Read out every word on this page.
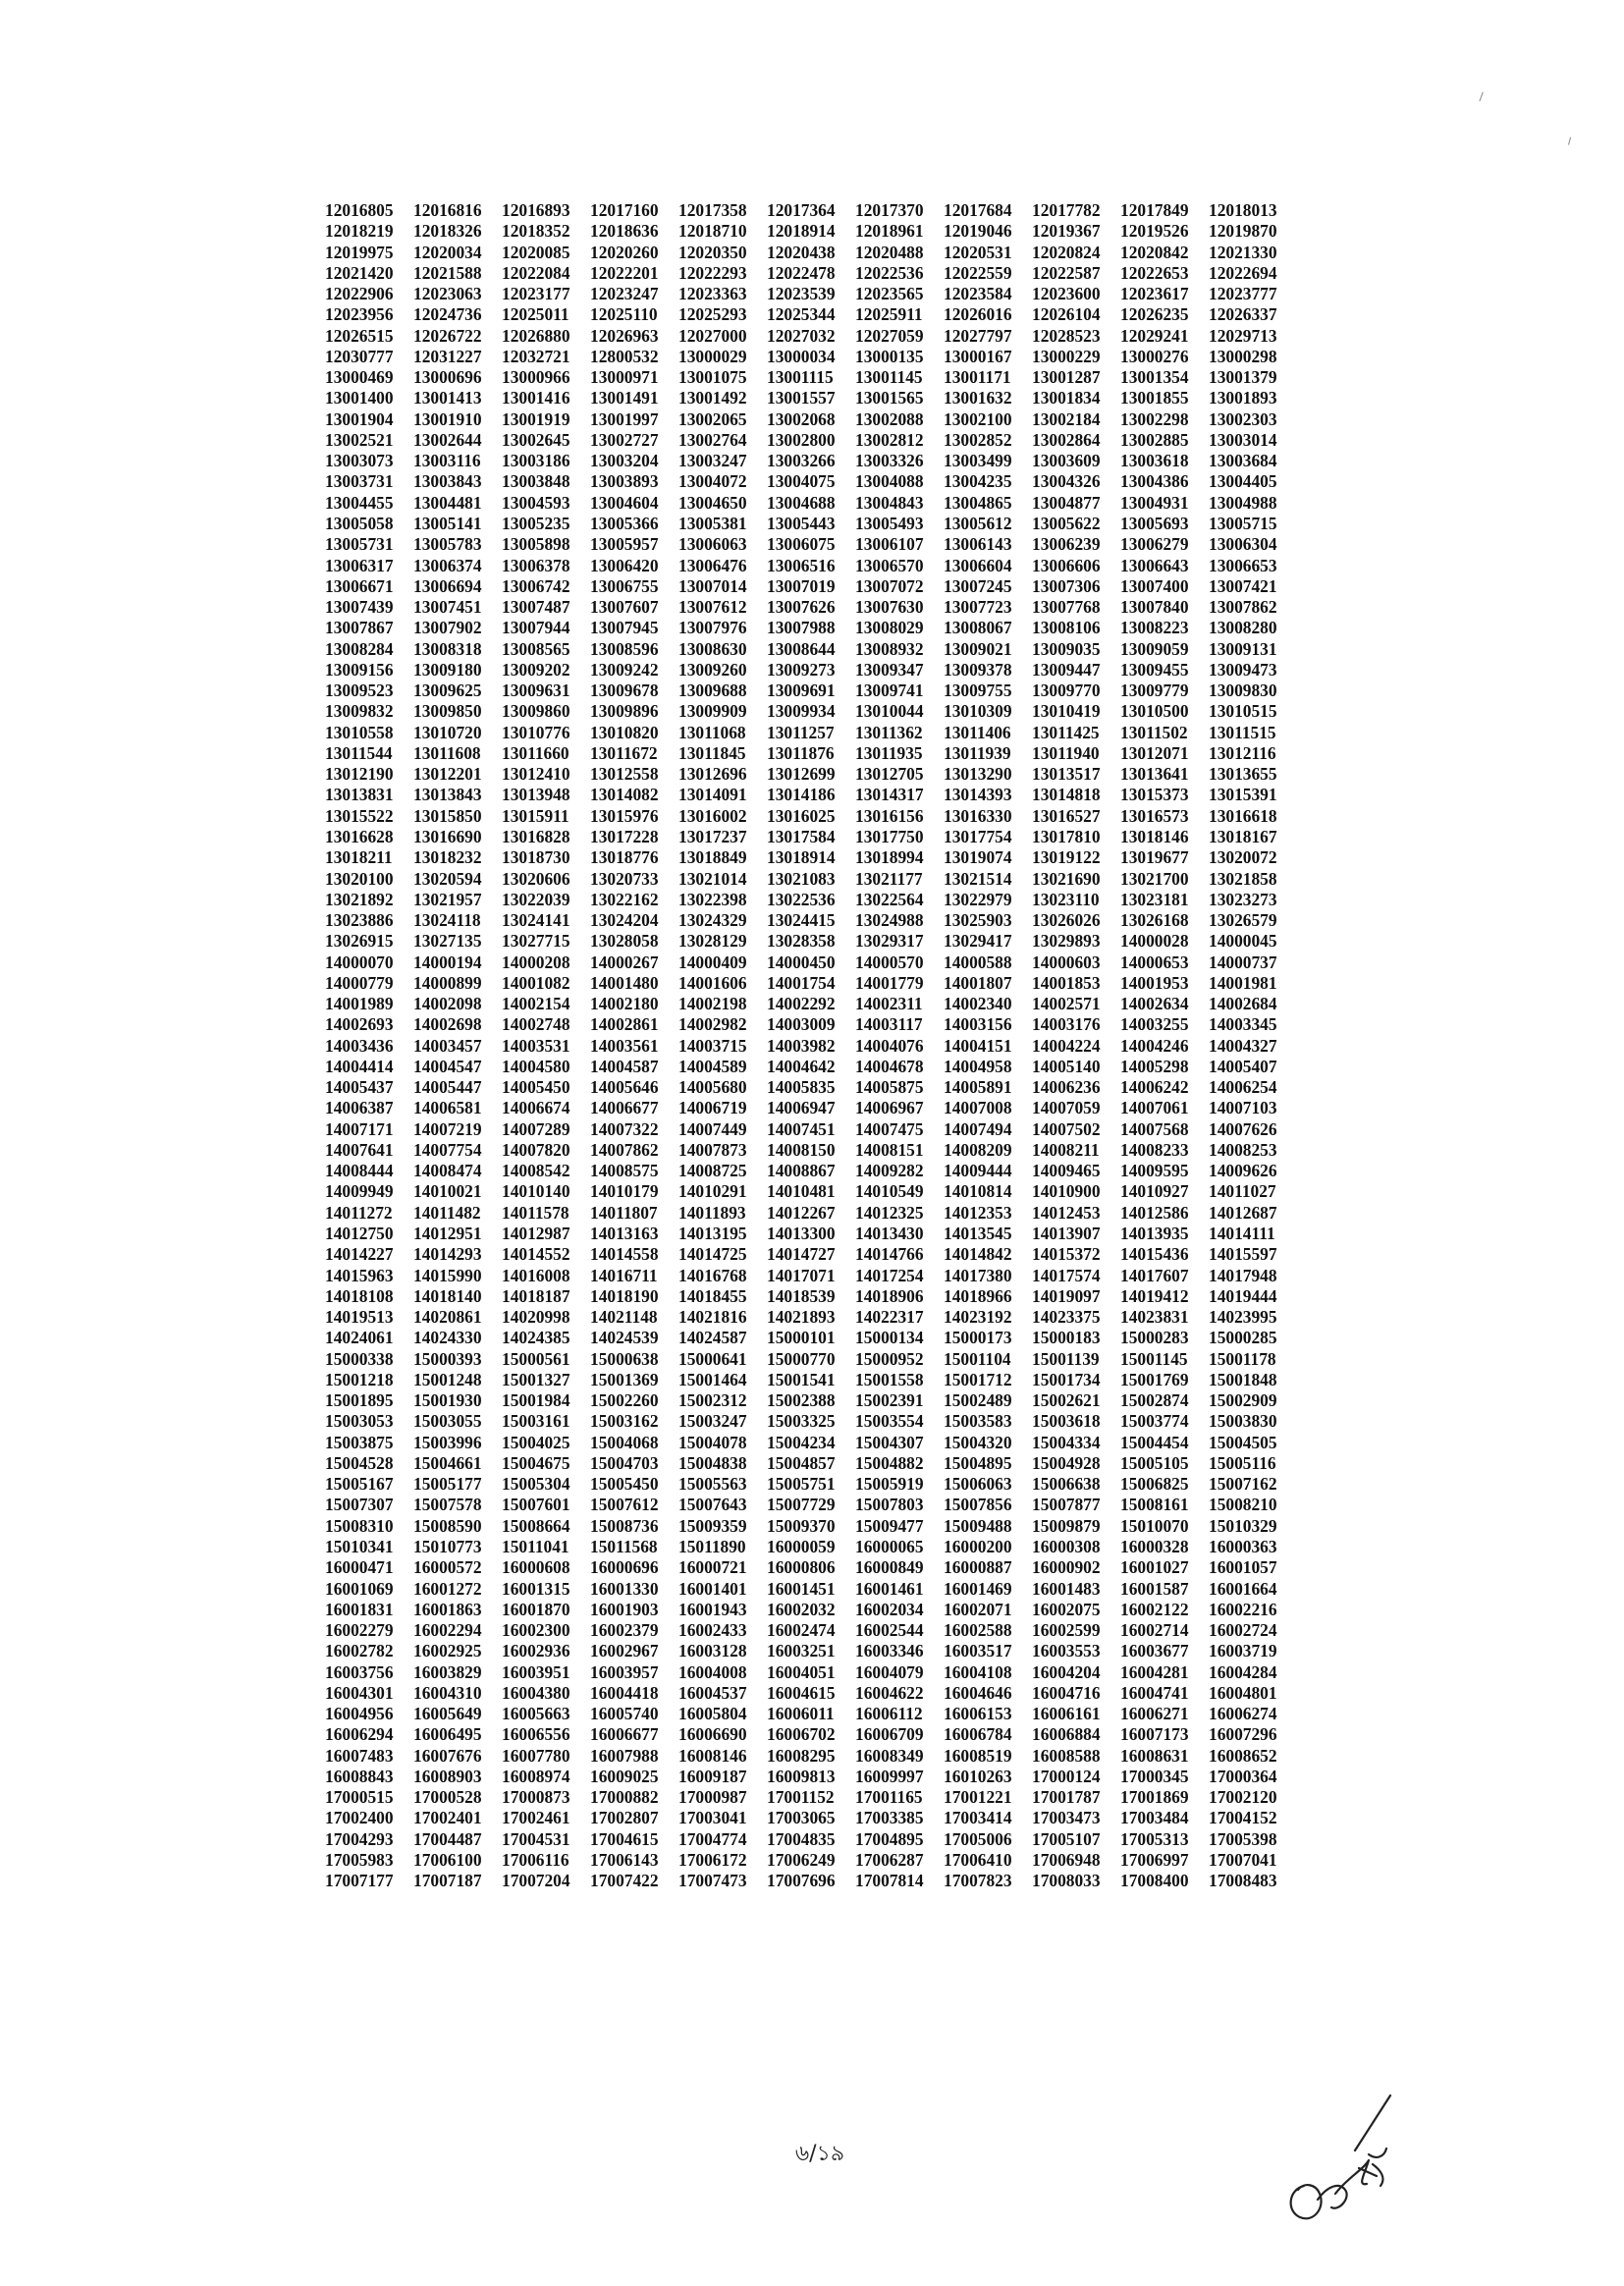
12016805	12016816	12016893	12017160	12017358	12017364	12017370	12017684	12017782	12017849	12018013
12018219	12018326	12018352	12018636	12018710	12018914	12018961	12019046	12019367	12019526	12019870
12019975	12020034	12020085	12020260	12020350	12020438	12020488	12020531	12020824	12020842	12021330
12021420	12021588	12022084	12022201	12022293	12022478	12022536	12022559	12022587	12022653	12022694
12022906	12023063	12023177	12023247	12023363	12023539	12023565	12023584	12023600	12023617	12023777
12023956	12024736	12025011	12025110	12025293	12025344	12025911	12026016	12026104	12026235	12026337
12026515	12026722	12026880	12026963	12027000	12027032	12027059	12027797	12028523	12029241	12029713
12030777	12031227	12032721	12800532	13000029	13000034	13000135	13000167	13000229	13000276	13000298
13000469	13000696	13000966	13000971	13001075	13001115	13001145	13001171	13001287	13001354	13001379
13001400	13001413	13001416	13001491	13001492	13001557	13001565	13001632	13001834	13001855	13001893
13001904	13001910	13001919	13001997	13002065	13002068	13002088	13002100	13002184	13002298	13002303
13002521	13002644	13002645	13002727	13002764	13002800	13002812	13002852	13002864	13002885	13003014
13003073	13003116	13003186	13003204	13003247	13003266	13003326	13003499	13003609	13003618	13003684
13003731	13003843	13003848	13003893	13004072	13004075	13004088	13004235	13004326	13004386	13004405
13004455	13004481	13004593	13004604	13004650	13004688	13004843	13004865	13004877	13004931	13004988
13005058	13005141	13005235	13005366	13005381	13005443	13005493	13005612	13005622	13005693	13005715
13005731	13005783	13005898	13005957	13006063	13006075	13006107	13006143	13006239	13006279	13006304
13006317	13006374	13006378	13006420	13006476	13006516	13006570	13006604	13006606	13006643	13006653
13006671	13006694	13006742	13006755	13007014	13007019	13007072	13007245	13007306	13007400	13007421
13007439	13007451	13007487	13007607	13007612	13007626	13007630	13007723	13007768	13007840	13007862
13007867	13007902	13007944	13007945	13007976	13007988	13008029	13008067	13008106	13008223	13008280
13008284	13008318	13008565	13008596	13008630	13008644	13008932	13009021	13009035	13009059	13009131
13009156	13009180	13009202	13009242	13009260	13009273	13009347	13009378	13009447	13009455	13009473
13009523	13009625	13009631	13009678	13009688	13009691	13009741	13009755	13009770	13009779	13009830
13009832	13009850	13009860	13009896	13009909	13009934	13010044	13010309	13010419	13010500	13010515
13010558	13010720	13010776	13010820	13011068	13011257	13011362	13011406	13011425	13011502	13011515
13011544	13011608	13011660	13011672	13011845	13011876	13011935	13011939	13011940	13012071	13012116
13012190	13012201	13012410	13012558	13012696	13012699	13012705	13013290	13013517	13013641	13013655
13013831	13013843	13013948	13014082	13014091	13014186	13014317	13014393	13014818	13015373	13015391
13015522	13015850	13015911	13015976	13016002	13016025	13016156	13016330	13016527	13016573	13016618
13016628	13016690	13016828	13017228	13017237	13017584	13017750	13017754	13017810	13018146	13018167
13018211	13018232	13018730	13018776	13018849	13018914	13018994	13019074	13019122	13019677	13020072
13020100	13020594	13020606	13020733	13021014	13021083	13021177	13021514	13021690	13021700	13021858
13021892	13021957	13022039	13022162	13022398	13022536	13022564	13022979	13023110	13023181	13023273
13023886	13024118	13024141	13024204	13024329	13024415	13024988	13025903	13026026	13026168	13026579
13026915	13027135	13027715	13028058	13028129	13028358	13029317	13029417	13029893	14000028	14000045
14000070	14000194	14000208	14000267	14000409	14000450	14000570	14000588	14000603	14000653	14000737
14000779	14000899	14001082	14001480	14001606	14001754	14001779	14001807	14001853	14001953	14001981
14001989	14002098	14002154	14002180	14002198	14002292	14002311	14002340	14002571	14002634	14002684
14002693	14002698	14002748	14002861	14002982	14003009	14003117	14003156	14003176	14003255	14003345
14003436	14003457	14003531	14003561	14003715	14003982	14004076	14004151	14004224	14004246	14004327
14004414	14004547	14004580	14004587	14004589	14004642	14004678	14004958	14005140	14005298	14005407
14005437	14005447	14005450	14005646	14005680	14005835	14005875	14005891	14006236	14006242	14006254
14006387	14006581	14006674	14006677	14006719	14006947	14006967	14007008	14007059	14007061	14007103
14007171	14007219	14007289	14007322	14007449	14007451	14007475	14007494	14007502	14007568	14007626
14007641	14007754	14007820	14007862	14007873	14008150	14008151	14008209	14008211	14008233	14008253
14008444	14008474	14008542	14008575	14008725	14008867	14009282	14009444	14009465	14009595	14009626
14009949	14010021	14010140	14010179	14010291	14010481	14010549	14010814	14010900	14010927	14011027
14011272	14011482	14011578	14011807	14011893	14012267	14012325	14012353	14012453	14012586	14012687
14012750	14012951	14012987	14013163	14013195	14013300	14013430	14013545	14013907	14013935	14014111
14014227	14014293	14014552	14014558	14014725	14014727	14014766	14014842	14015372	14015436	14015597
14015963	14015990	14016008	14016711	14016768	14017071	14017254	14017380	14017574	14017607	14017948
14018108	14018140	14018187	14018190	14018455	14018539	14018906	14018966	14019097	14019412	14019444
14019513	14020861	14020998	14021148	14021816	14021893	14022317	14023192	14023375	14023831	14023995
14024061	14024330	14024385	14024539	14024587	15000101	15000134	15000173	15000183	15000283	15000285
15000338	15000393	15000561	15000638	15000641	15000770	15000952	15001104	15001139	15001145	15001178
15001218	15001248	15001327	15001369	15001464	15001541	15001558	15001712	15001734	15001769	15001848
15001895	15001930	15001984	15002260	15002312	15002388	15002391	15002489	15002621	15002874	15002909
15003053	15003055	15003161	15003162	15003247	15003325	15003554	15003583	15003618	15003774	15003830
15003875	15003996	15004025	15004068	15004078	15004234	15004307	15004320	15004334	15004454	15004505
15004528	15004661	15004675	15004703	15004838	15004857	15004882	15004895	15004928	15005105	15005116
15005167	15005177	15005304	15005450	15005563	15005751	15005919	15006063	15006638	15006825	15007162
15007307	15007578	15007601	15007612	15007643	15007729	15007803	15007856	15007877	15008161	15008210
15008310	15008590	15008664	15008736	15009359	15009370	15009477	15009488	15009879	15010070	15010329
15010341	15010773	15011041	15011568	15011890	16000059	16000065	16000200	16000308	16000328	16000363
16000471	16000572	16000608	16000696	16000721	16000806	16000849	16000887	16000902	16001027	16001057
16001069	16001272	16001315	16001330	16001401	16001451	16001461	16001469	16001483	16001587	16001664
16001831	16001863	16001870	16001903	16001943	16002032	16002034	16002071	16002075	16002122	16002216
16002279	16002294	16002300	16002379	16002433	16002474	16002544	16002588	16002599	16002714	16002724
16002782	16002925	16002936	16002967	16003128	16003251	16003346	16003517	16003553	16003677	16003719
16003756	16003829	16003951	16003957	16004008	16004051	16004079	16004108	16004204	16004281	16004284
16004301	16004310	16004380	16004418	16004537	16004615	16004622	16004646	16004716	16004741	16004801
16004956	16005649	16005663	16005740	16005804	16006011	16006112	16006153	16006161	16006271	16006274
16006294	16006495	16006556	16006677	16006690	16006702	16006709	16006784	16006884	16007173	16007296
16007483	16007676	16007780	16007988	16008146	16008295	16008349	16008519	16008588	16008631	16008652
16008843	16008903	16008974	16009025	16009187	16009813	16009997	16010263	17000124	17000345	17000364
17000515	17000528	17000873	17000882	17000987	17001152	17001165	17001221	17001787	17001869	17002120
17002400	17002401	17002461	17002807	17003041	17003065	17003385	17003414	17003473	17003484	17004152
17004293	17004487	17004531	17004615	17004774	17004835	17004895	17005006	17005107	17005313	17005398
17005983	17006100	17006116	17006143	17006172	17006249	17006287	17006410	17006948	17006997	17007041
17007177	17007187	17007204	17007422	17007473	17007696	17007814	17007823	17008033	17008400	17008483
৬/১৯
